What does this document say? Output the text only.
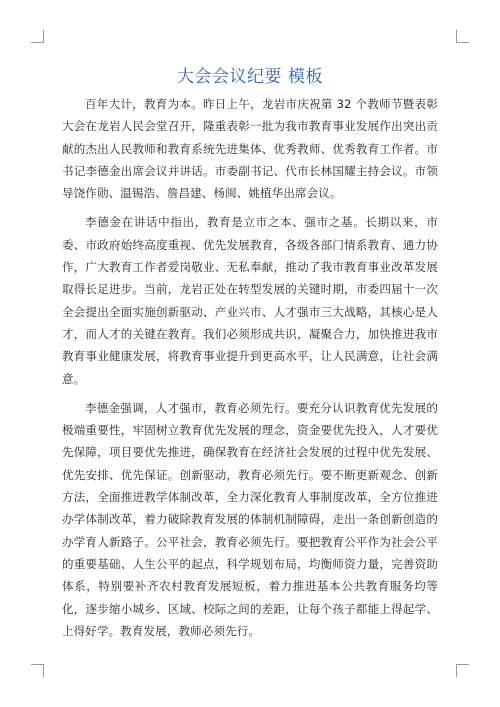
大会会议纪要 模板

百年大计，教育为本。昨日上午，龙岩市庆祝第 32 个教师节暨表彰大会在龙岩人民会堂召开，隆重表彰一批为我市教育事业发展作出突出贡献的杰出人民教师和教育系统先进集体、优秀教师、优秀教育工作者。市书记李德金出席会议并讲话。市委副书记、代市长林国耀主持会议。市领导饶作勋、温锡浩、詹昌建、杨闽、姚植华出席会议。

李德金在讲话中指出，教育是立市之本、强市之基。长期以来，市委、市政府始终高度重视、优先发展教育，各级各部门情系教育、通力协作，广大教育工作者爱岗敬业、无私奉献，推动了我市教育事业改革发展取得长足进步。当前，龙岩正处在转型发展的关键时期，市委四届十一次全会提出全面实施创新驱动、产业兴市、人才强市三大战略，其核心是人才，而人才的关键在教育。我们必须形成共识，凝聚合力，加快推进我市教育事业健康发展，将教育事业提升到更高水平，让人民满意，让社会满意。

李德金强调，人才强市，教育必须先行。要充分认识教育优先发展的极端重要性，牢固树立教育优先发展的理念，资金要优先投入，人才要优先保障，项目要优先推进，确保教育在经济社会发展的过程中优先发展、优先安排、优先保证。创新驱动，教育必须先行。要不断更新观念、创新方法，全面推进教学体制改革，全力深化教育人事制度改革，全方位推进办学体制改革，着力破除教育发展的体制机制障碍，走出一条创新创造的办学育人新路子。公平社会，教育必须先行。要把教育公平作为社会公平的重要基础、人生公平的起点，科学规划布局，均衡师资力量，完善资助体系，特别要补齐农村教育发展短板，着力推进基本公共教育服务均等化，逐步缩小城乡、区域、校际之间的差距，让每个孩子都能上得起学、上得好学。教育发展，教师必须先行。
